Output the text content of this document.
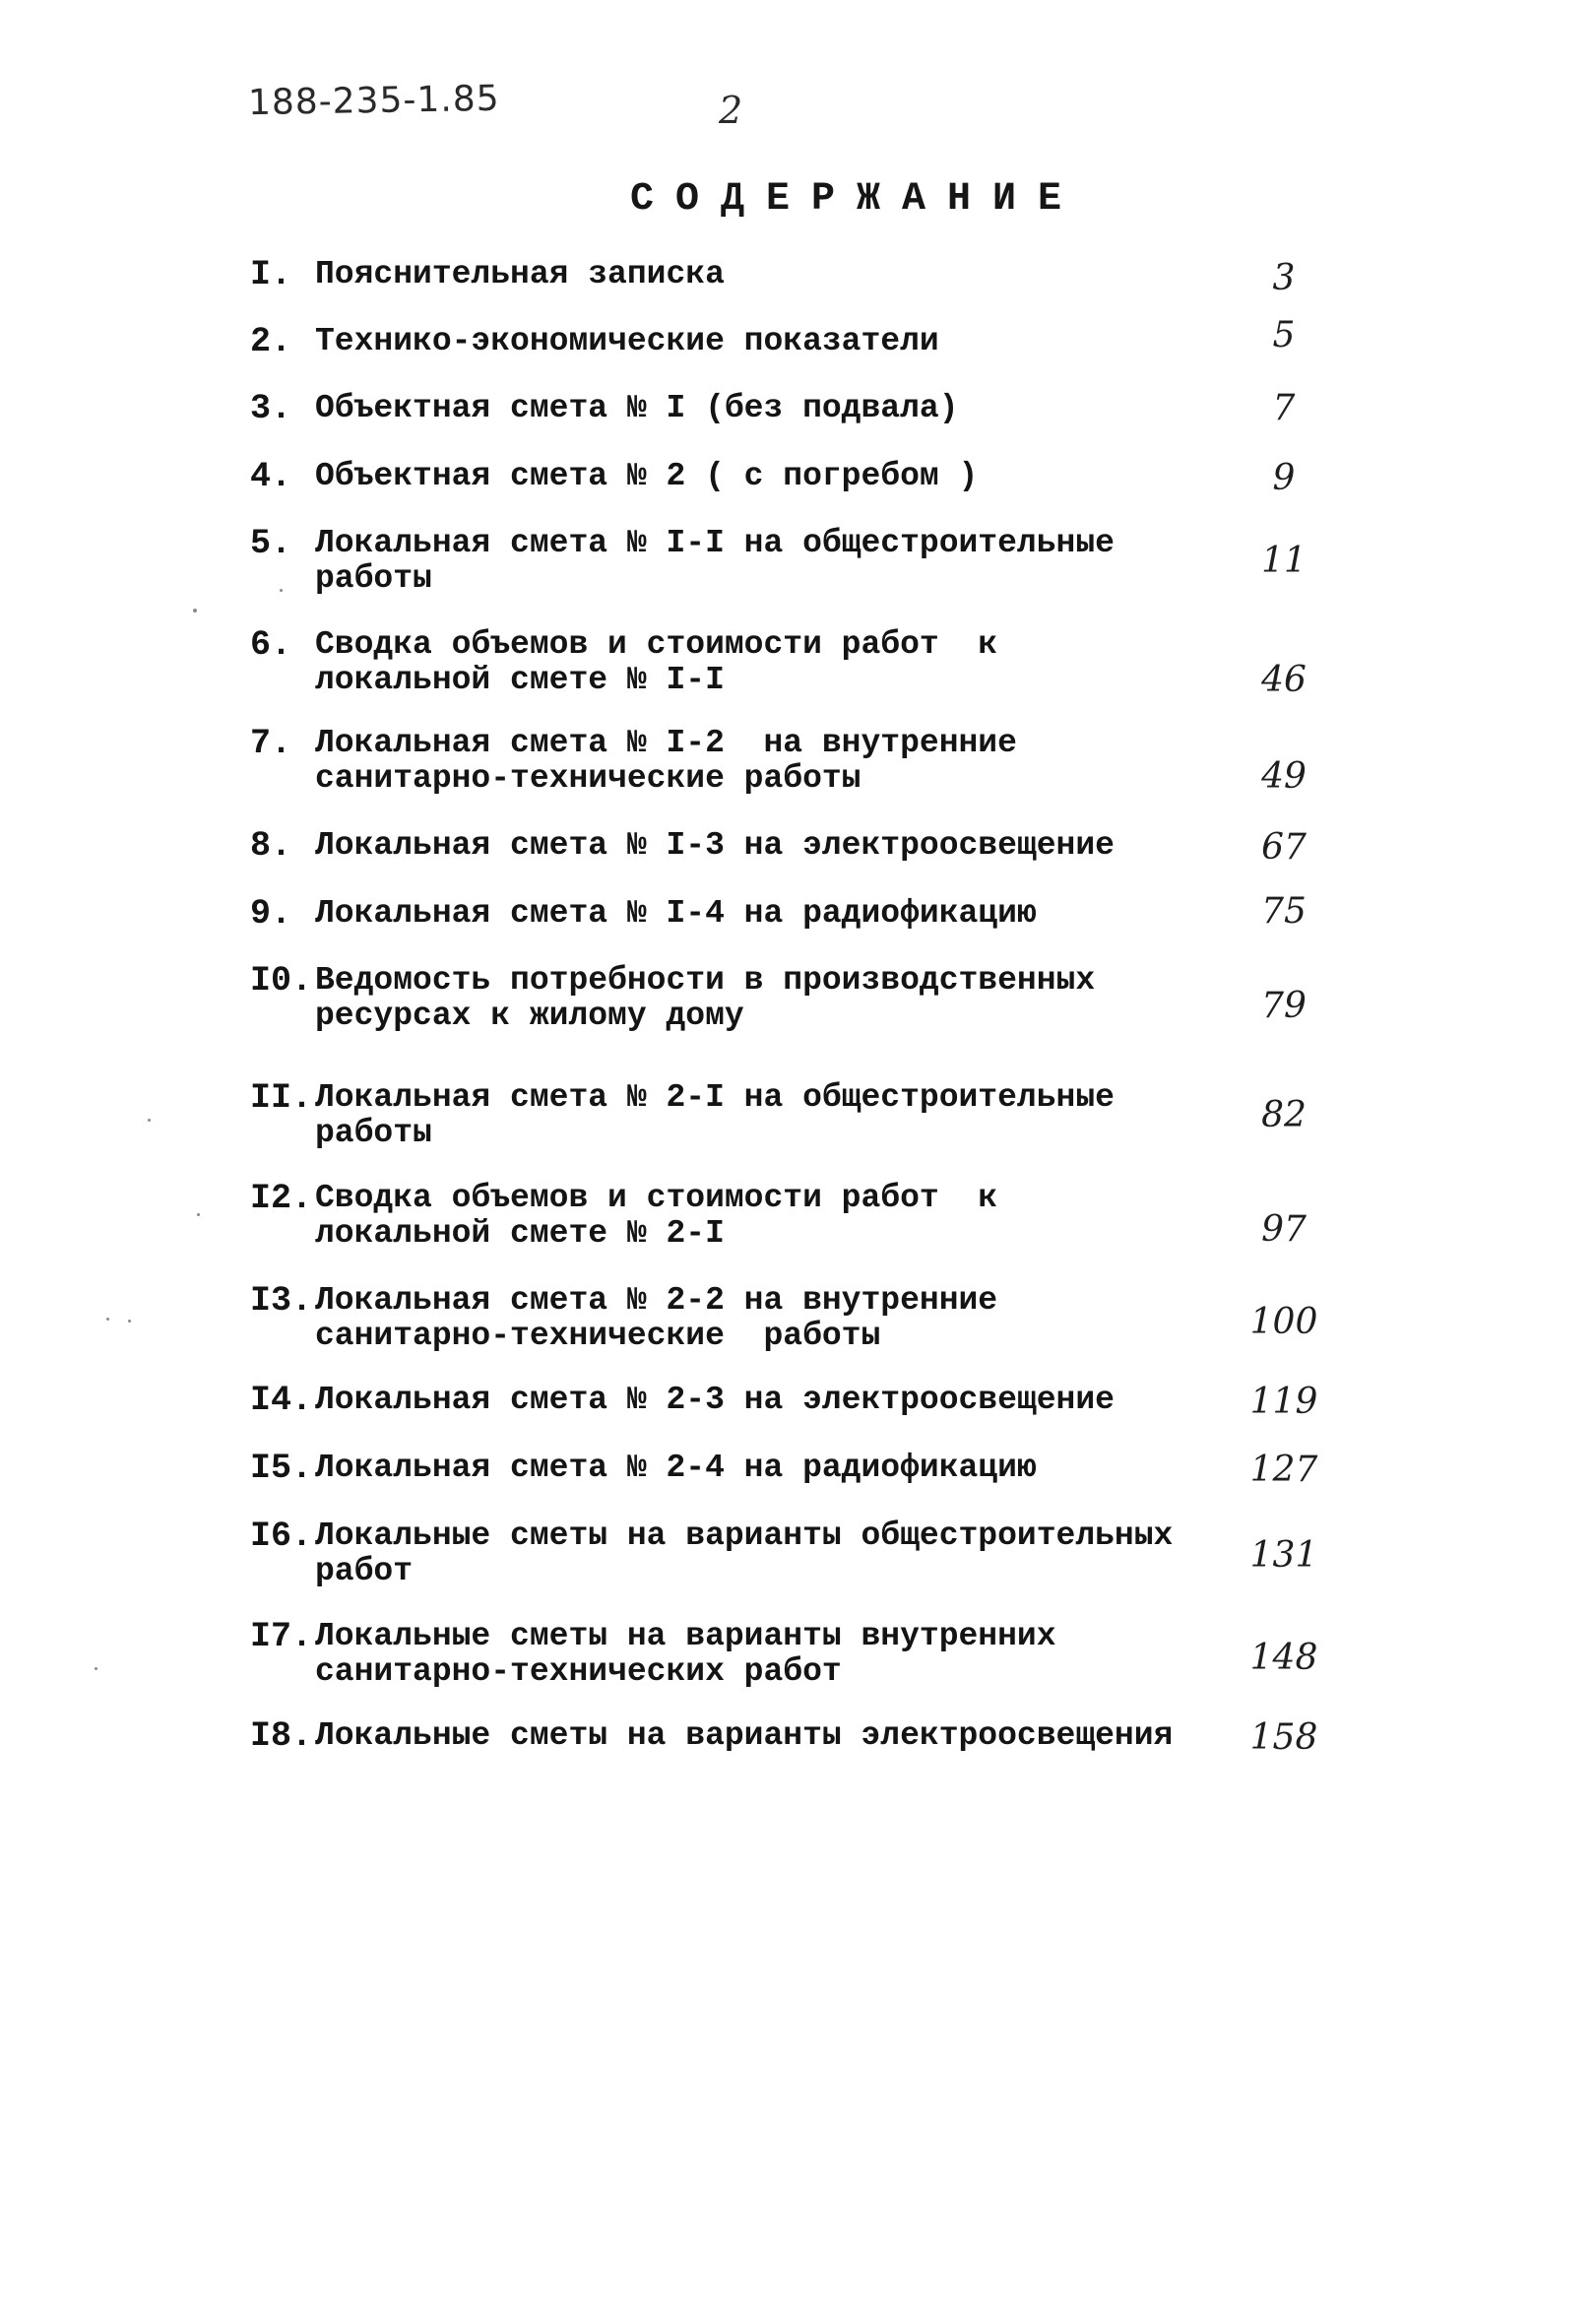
188-235-1.85	2
СОДЕРЖАНИЕ
I. Пояснительная записка	3
2. Технико-экономические показатели	5
3. Объектная смета № I (без подвала)	7
4. Объектная смета № 2 ( с погребом )	9
5. Локальная смета № I-I на общестроительные
работы	11
6. Сводка объемов и стоимости работ  к
локальной смете № I-I	46
7. Локальная смета № I-2  на внутренние
санитарно-технические работы	49
8. Локальная смета № I-3 на электроосвещение	67
9. Локальная смета № I-4 на радиофикацию	75
I0. Ведомость потребности в производственных
ресурсах к жилому дому	79
II. Локальная смета № 2-I на общестроительные
работы	82
I2. Сводка объемов и стоимости работ  к
локальной смете № 2-I	97
I3. Локальная смета № 2-2 на внутренние
санитарно-технические  работы	100
I4. Локальная смета № 2-3 на электроосвещение	119
I5. Локальная смета № 2-4 на радиофикацию	127
I6. Локальные сметы на варианты общестроительных
работ	131
I7. Локальные сметы на варианты внутренних
санитарно-технических работ	148
I8. Локальные сметы на варианты электроосвещения	158
